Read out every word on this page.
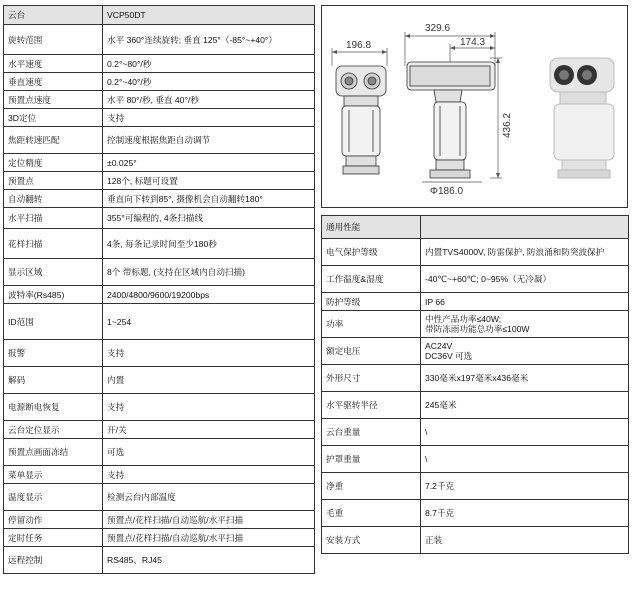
云台	VCP50DT
旋转范围	水平 360°连续旋转; 垂直 125°（-85°~+40°）
水平速度	0.2°~80°/秒
垂直速度	0.2°~40°/秒
预置点速度	水平 80°/秒, 垂直 40°/秒
3D定位	支持
焦距转速匹配	控制速度根据焦距自动调节
定位精度	±0.025°
预置点	128个, 标题可设置
自动翻转	垂直向下转到85°, 摄像机会自动翻转180°
水平扫描	355°可编程的, 4条扫描线
花样扫描	4条, 每条记录时间至少180秒
显示区域	8个 带标题, (支持在区域内自动扫描)
波特率(Rs485)	2400/4800/9600/19200bps
ID范围	1~254
报警	支持
解码	内置
电源断电恢复	支持
云台定位显示	开/关
预置点画面冻结	可选
菜单显示	支持
温度显示	检测云台内部温度
停留动作	预置点/花样扫描/自动巡航/水平扫描
定时任务	预置点/花样扫描/自动巡航/水平扫描
远程控制	RS485、RJ45
329.6
174.3
196.8
436.2
Φ186.0
通用性能	
电气保护等级	内置TVS4000V, 防雷保护, 防浪涌和防突波保护
工作温度&湿度	-40℃~+60℃; 0~95%（无冷凝）
防护等级	IP 66
功率	中性产品功率≤40W;
带防冻雨功能总功率≤100W

额定电压	AC24V
DC36V 可选

外形尺寸	330毫米x197毫米x436毫米
水平驱转半径	245毫米
云台重量	\
护罩重量	\
净重	7.2千克
毛重	8.7千克
安装方式	正装
